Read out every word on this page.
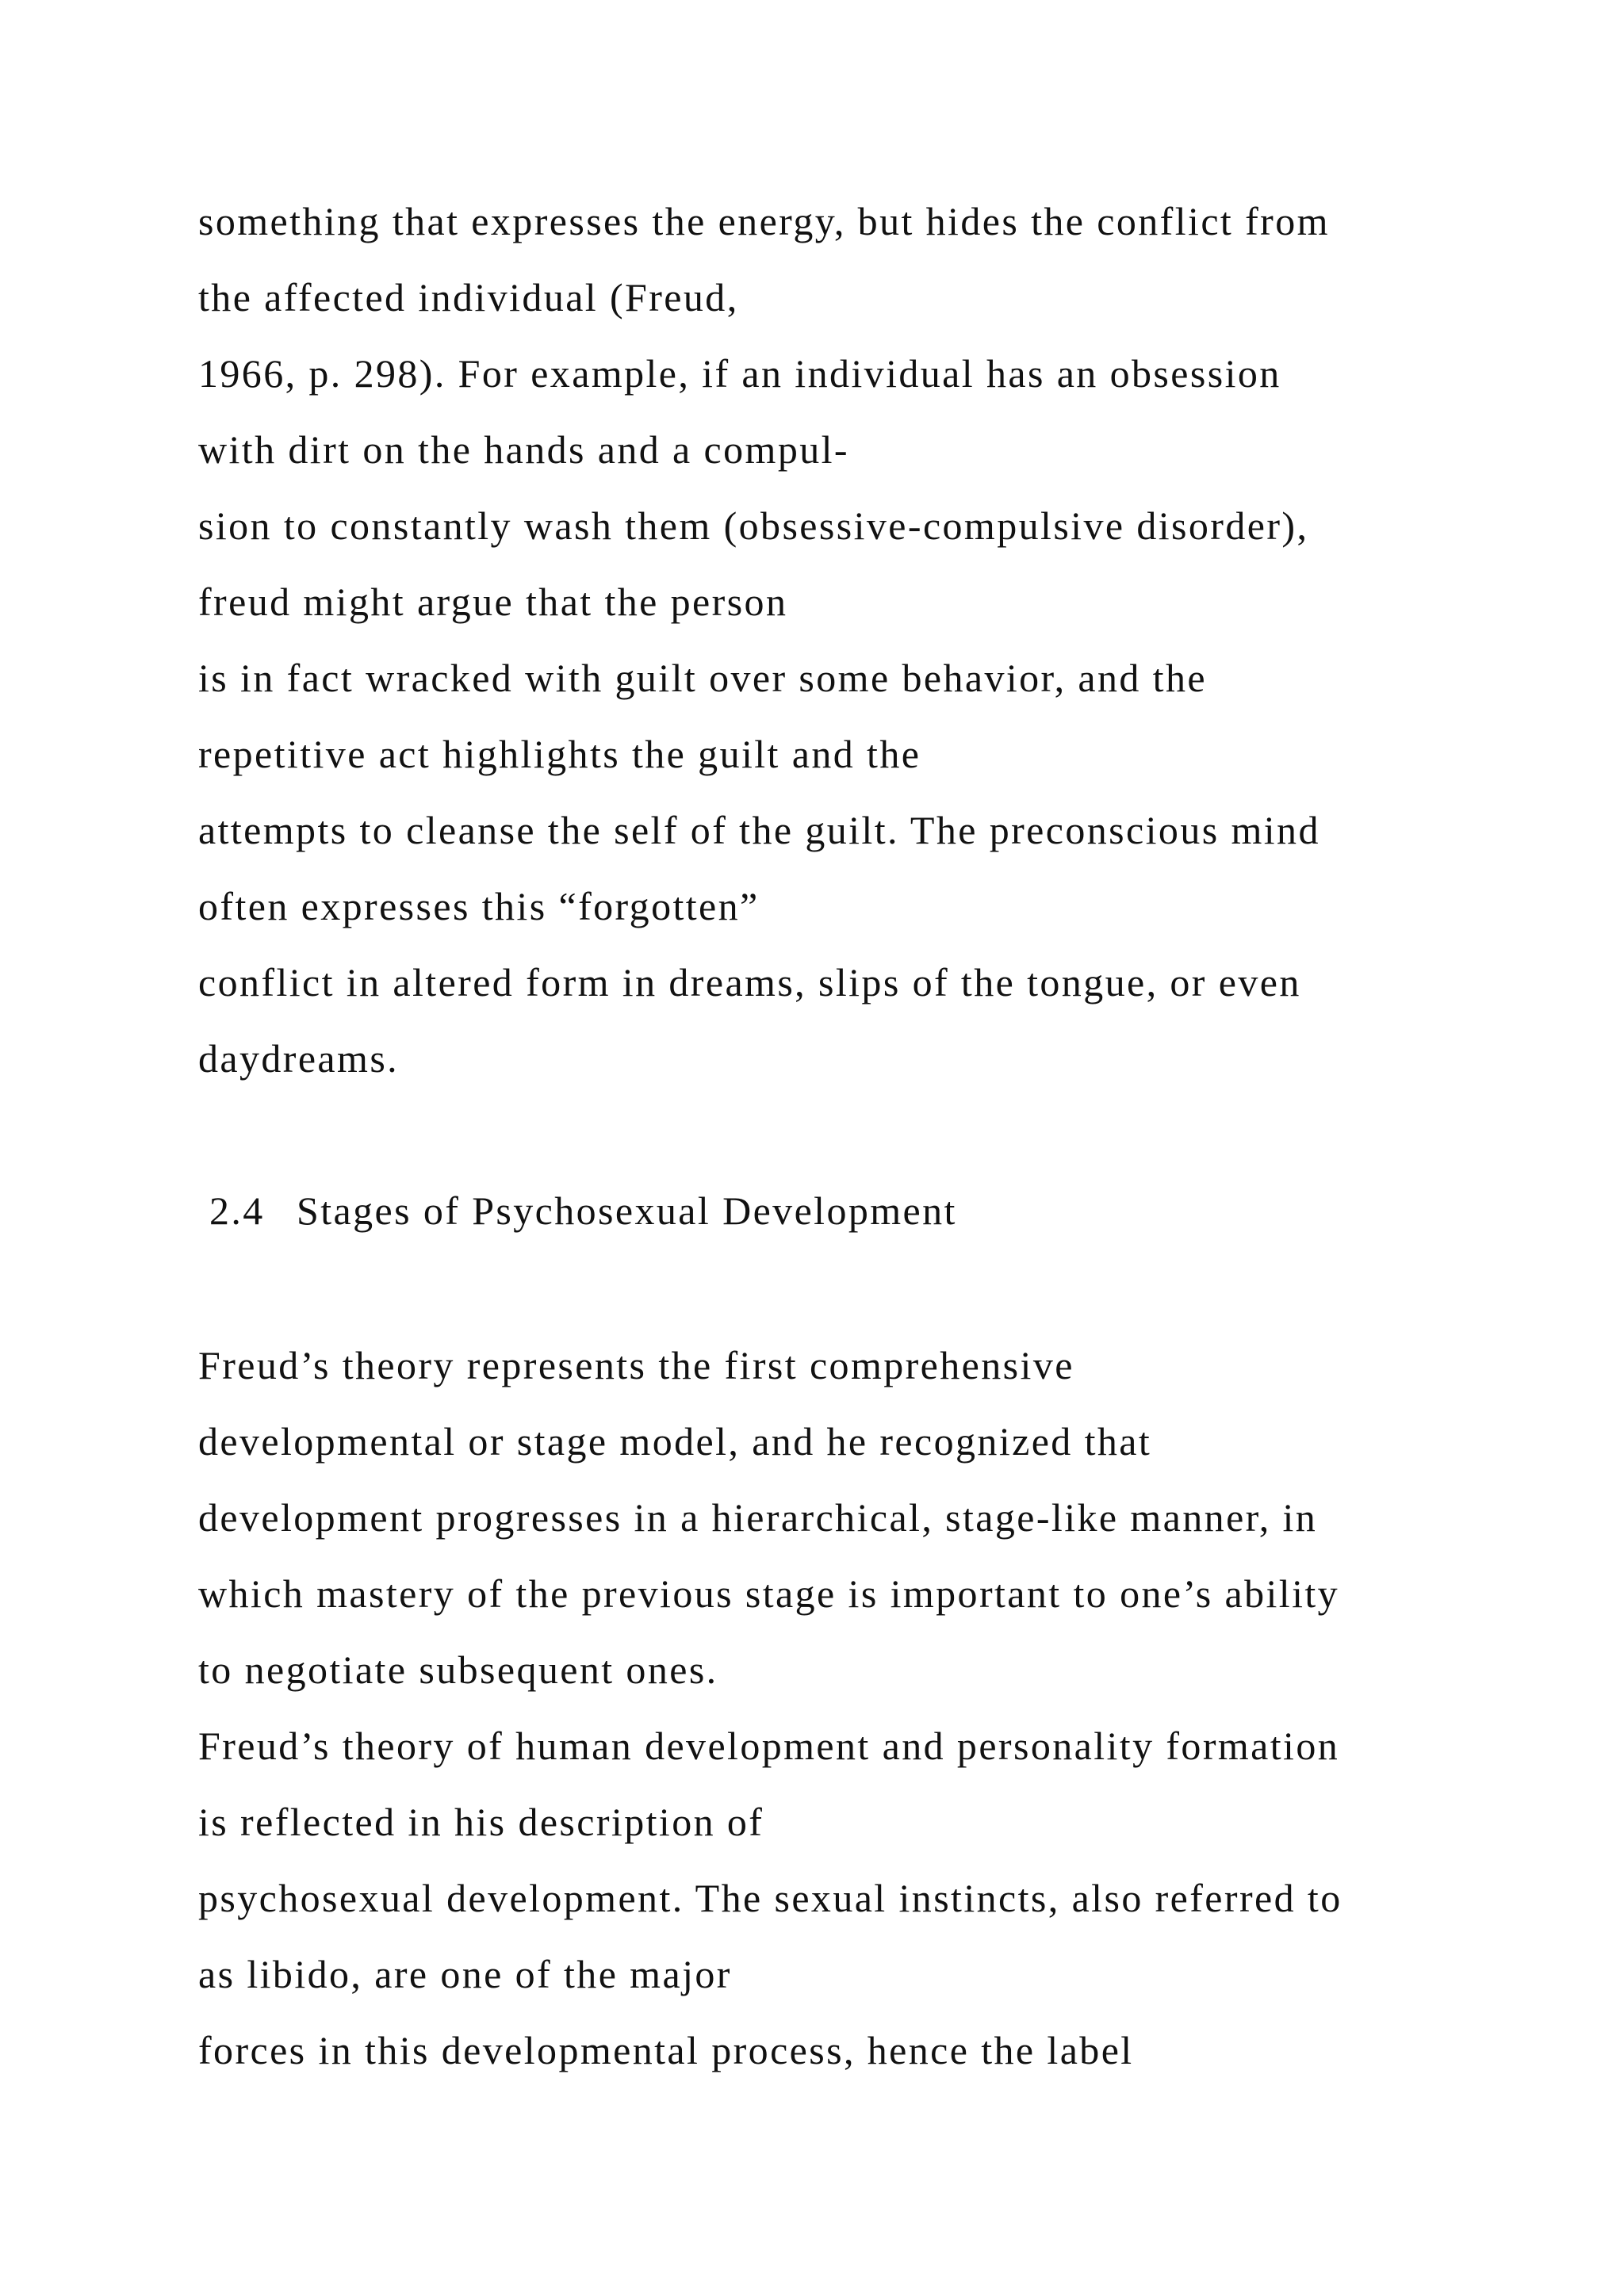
something that expresses the energy, but hides the conflict from

the affected individual (Freud,

1966, p. 298). For example, if an individual has an obsession

with dirt on the hands and a compul-

sion to constantly wash them (obsessive-compulsive disorder),

freud might argue that the person

is in fact wracked with guilt over some behavior, and the

repetitive act highlights the guilt and the

attempts to cleanse the self of the guilt. The preconscious mind

often expresses this “forgotten”

conflict in altered form in dreams, slips of the tongue, or even

daydreams.

2.4 Stages of Psychosexual Development

Freud’s theory represents the first comprehensive

developmental or stage model, and he recognized that

development progresses in a hierarchical, stage-like manner, in

which mastery of the previous stage is important to one’s ability

to negotiate subsequent ones.

Freud’s theory of human development and personality formation

is reflected in his description of

psychosexual development. The sexual instincts, also referred to

as libido, are one of the major

forces in this developmental process, hence the label
